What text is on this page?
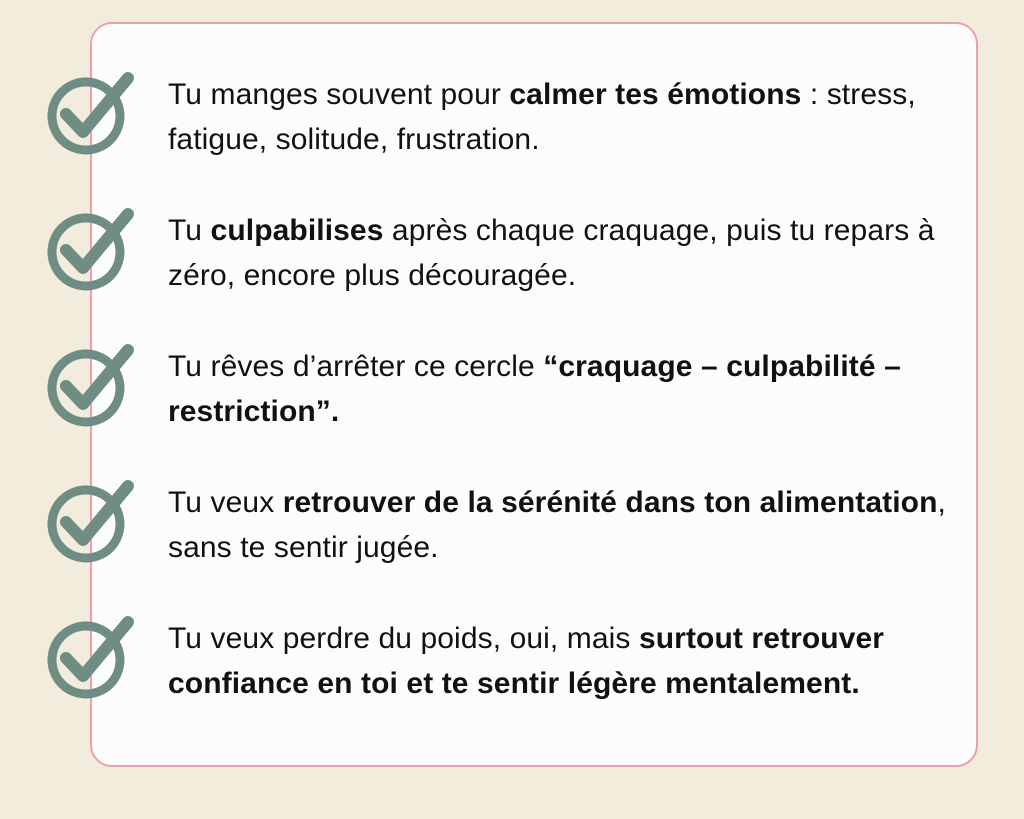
Tu manges souvent pour calmer tes émotions : stress, fatigue, solitude, frustration.
Tu culpabilises après chaque craquage, puis tu repars à zéro, encore plus découragée.
Tu rêves d’arrêter ce cercle “craquage – culpabilité – restriction”.
Tu veux retrouver de la sérénité dans ton alimentation, sans te sentir jugée.
Tu veux perdre du poids, oui, mais surtout retrouver confiance en toi et te sentir légère mentalement.
